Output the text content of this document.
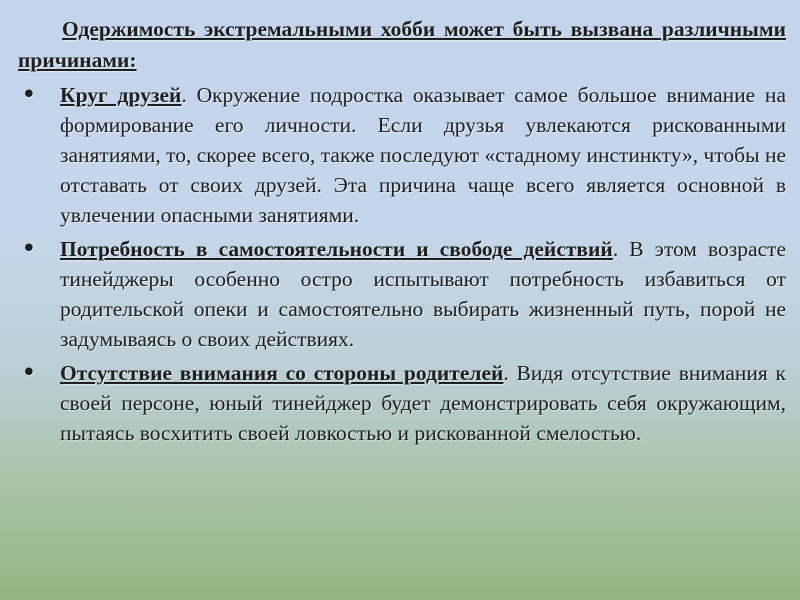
Одержимость экстремальными хобби может быть вызвана различными причинами:

• Круг друзей. Окружение подростка оказывает самое большое внимание на формирование его личности. Если друзья увлекаются рискованными занятиями, то, скорее всего, также последуют «стадному инстинкту», чтобы не отставать от своих друзей. Эта причина чаще всего является основной в увлечении опасными занятиями.
• Потребность в самостоятельности и свободе действий. В этом возрасте тинейджеры особенно остро испытывают потребность избавиться от родительской опеки и самостоятельно выбирать жизненный путь, порой не задумываясь о своих действиях.
• Отсутствие внимания со стороны родителей. Видя отсутствие внимания к своей персоне, юный тинейджер будет демонстрировать себя окружающим, пытаясь восхитить своей ловкостью и рискованной смелостью.
